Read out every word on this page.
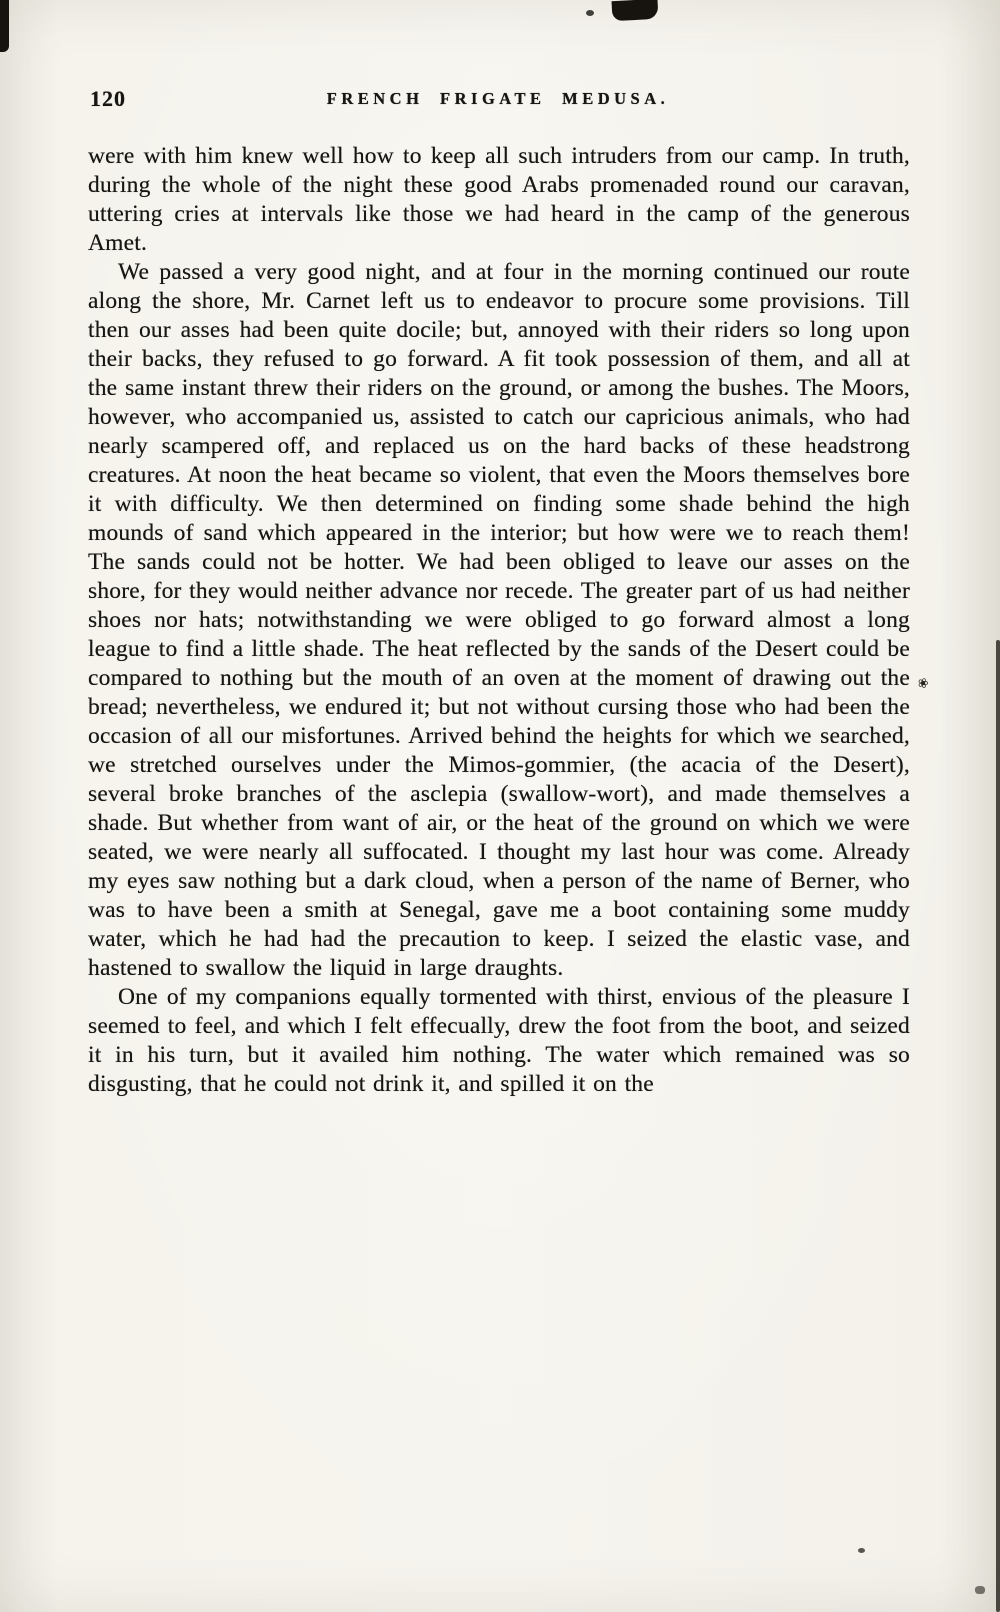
❀
120	FRENCH FRIGATE MEDUSA.

were with him knew well how to keep all such intruders from our camp. In truth, during the whole of the night these good Arabs promenaded round our caravan, uttering cries at intervals like those we had heard in the camp of the generous Amet.

We passed a very good night, and at four in the morning continued our route along the shore, Mr. Carnet left us to endeavor to procure some provisions. Till then our asses had been quite docile; but, annoyed with their riders so long upon their backs, they refused to go forward. A fit took possession of them, and all at the same instant threw their riders on the ground, or among the bushes. The Moors, however, who accompanied us, assisted to catch our capricious animals, who had nearly scampered off, and replaced us on the hard backs of these headstrong creatures. At noon the heat became so violent, that even the Moors themselves bore it with difficulty. We then determined on finding some shade behind the high mounds of sand which appeared in the interior; but how were we to reach them! The sands could not be hotter. We had been obliged to leave our asses on the shore, for they would neither advance nor recede. The greater part of us had neither shoes nor hats; notwithstanding we were obliged to go forward almost a long league to find a little shade. The heat reflected by the sands of the Desert could be compared to nothing but the mouth of an oven at the moment of drawing out the bread; nevertheless, we endured it; but not without cursing those who had been the occasion of all our misfortunes. Arrived behind the heights for which we searched, we stretched ourselves under the Mimos-gommier, (the acacia of the Desert), several broke branches of the asclepia (swallow-wort), and made themselves a shade. But whether from want of air, or the heat of the ground on which we were seated, we were nearly all suffocated. I thought my last hour was come. Already my eyes saw nothing but a dark cloud, when a person of the name of Berner, who was to have been a smith at Senegal, gave me a boot containing some muddy water, which he had had the precaution to keep. I seized the elastic vase, and hastened to swallow the liquid in large draughts.

One of my companions equally tormented with thirst, envious of the pleasure I seemed to feel, and which I felt effecually, drew the foot from the boot, and seized it in his turn, but it availed him nothing. The water which remained was so disgusting, that he could not drink it, and spilled it on the
